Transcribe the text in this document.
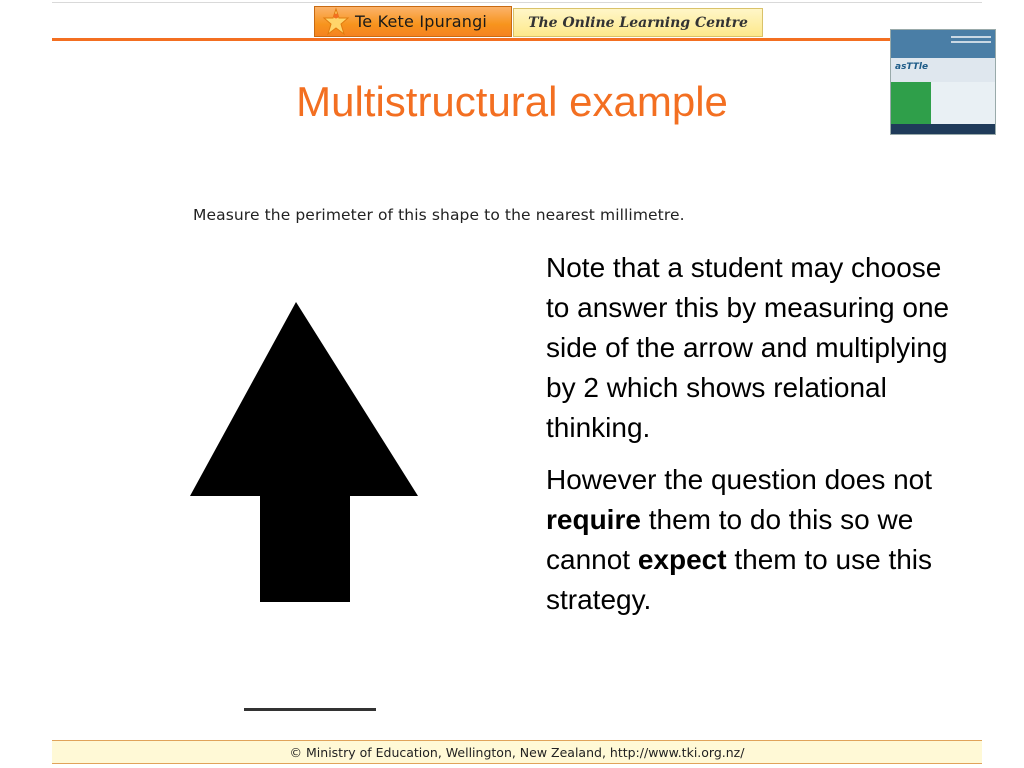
Te Kete Ipurangi	The Online Learning Centre
asTTle
Multistructural example
Measure the perimeter of this shape to the nearest millimetre.

Note that a student may choose to answer this by measuring one side of the arrow and multiplying by 2 which shows relational thinking.

However the question does not require them to do this so we cannot expect them to use this strategy.

© Ministry of Education, Wellington, New Zealand, http://www.tki.org.nz/
